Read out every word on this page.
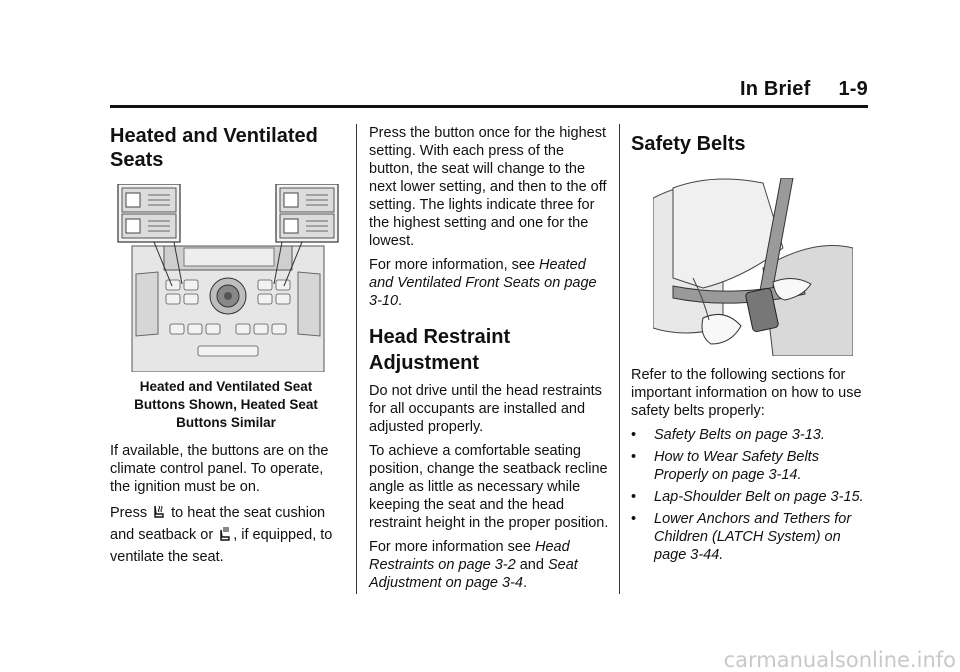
In Brief 1-9
Heated and Ventilated Seats
Heated and Ventilated Seat
Buttons Shown, Heated Seat
Buttons Similar

If available, the buttons are on the climate control panel. To operate, the ignition must be on.

Press to heat the seat cushion and seatback or , if equipped, to ventilate the seat.

Press the button once for the highest setting. With each press of the button, the seat will change to the next lower setting, and then to the off setting. The lights indicate three for the highest setting and one for the lowest.

For more information, see Heated and Ventilated Front Seats on page 3-10.

Head Restraint Adjustment

Do not drive until the head restraints for all occupants are installed and adjusted properly.

To achieve a comfortable seating position, change the seatback recline angle as little as necessary while keeping the seat and the head restraint height in the proper position.

For more information see Head Restraints on page 3-2 and Seat Adjustment on page 3-4.

Safety Belts

Refer to the following sections for important information on how to use safety belts properly:

• Safety Belts on page 3-13.
• How to Wear Safety Belts Properly on page 3-14.
• Lap-Shoulder Belt on page 3-15.
• Lower Anchors and Tethers for Children (LATCH System) on page 3-44.
carmanualsonline.info
